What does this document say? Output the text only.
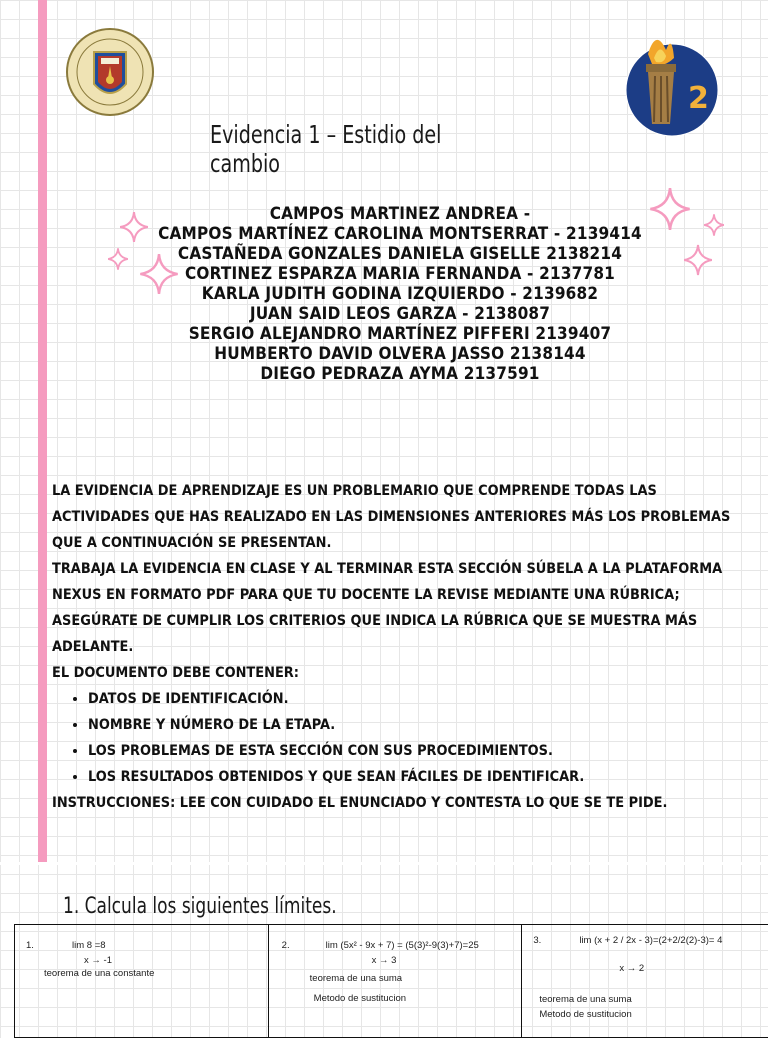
2
Evidencia 1 – Estidio del cambio
CAMPOS MARTINEZ ANDREA -
CAMPOS MARTÍNEZ CAROLINA MONTSERRAT - 2139414
CASTAÑEDA GONZALES DANIELA GISELLE 2138214
CORTINEZ ESPARZA MARIA FERNANDA - 2137781
KARLA JUDITH GODINA IZQUIERDO - 2139682
JUAN SAID LEOS GARZA - 2138087
SERGIO ALEJANDRO MARTÍNEZ PIFFERI 2139407
HUMBERTO DAVID OLVERA JASSO 2138144
DIEGO PEDRAZA AYMA 2137591

LA EVIDENCIA DE APRENDIZAJE ES UN PROBLEMARIO QUE COMPRENDE TODAS LAS ACTIVIDADES QUE HAS REALIZADO EN LAS DIMENSIONES ANTERIORES MÁS LOS PROBLEMAS QUE A CONTINUACIÓN SE PRESENTAN.

TRABAJA LA EVIDENCIA EN CLASE Y AL TERMINAR ESTA SECCIÓN SÚBELA A LA PLATAFORMA NEXUS EN FORMATO PDF PARA QUE TU DOCENTE LA REVISE MEDIANTE UNA RÚBRICA; ASEGÚRATE DE CUMPLIR LOS CRITERIOS QUE INDICA LA RÚBRICA QUE SE MUESTRA MÁS ADELANTE.

EL DOCUMENTO DEBE CONTENER:

• DATOS DE IDENTIFICACIÓN.
• NOMBRE Y NÚMERO DE LA ETAPA.
• LOS PROBLEMAS DE ESTA SECCIÓN CON SUS PROCEDIMIENTOS.
• LOS RESULTADOS OBTENIDOS Y QUE SEAN FÁCILES DE IDENTIFICAR.

INSTRUCCIONES: LEE CON CUIDADO EL ENUNCIADO Y CONTESTA LO QUE SE TE PIDE.

1. Calcula los siguientes límites.
1.	lim 8 =8
x → -1
teorema de una constante

2.	lim (5x² - 9x + 7) = (5(3)²-9(3)+7)=25
x → 3
teorema de una suma
Metodo de sustitucion

3.	lim (x + 2 / 2x - 3)=(2+2/2(2)-3)= 4
x → 2
teorema de una suma
Metodo de sustitucion
